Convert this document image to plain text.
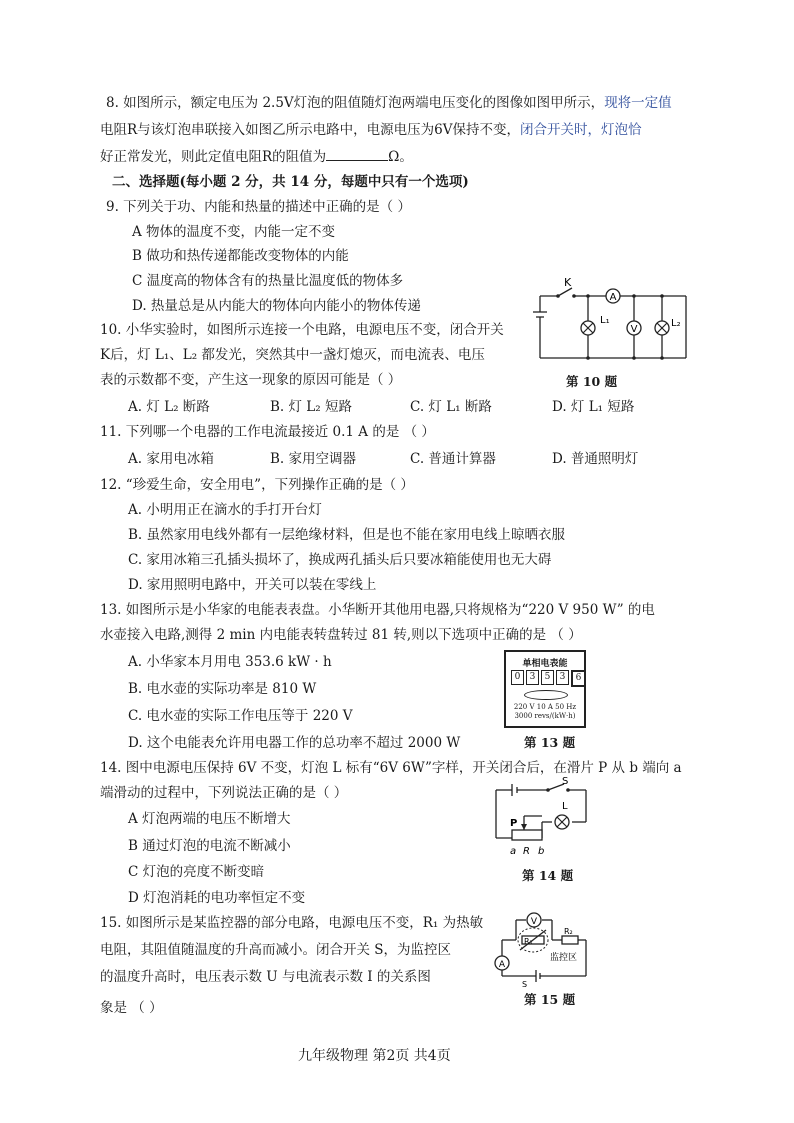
8. 如图所示，额定电压为 2.5V灯泡的阻值随灯泡两端电压变化的图像如图甲所示，现将一定值
电阻R与该灯泡串联接入如图乙所示电路中，电源电压为6V保持不变，闭合开关时，灯泡恰
好正常发光，则此定值电阻R的阻值为	Ω。
二、选择题(每小题 2 分，共 14 分，每题中只有一个选项)
9. 下列关于功、内能和热量的描述中正确的是（ ）
A 物体的温度不变，内能一定不变
B 做功和热传递都能改变物体的内能
C 温度高的物体含有的热量比温度低的物体多
D. 热量总是从内能大的物体向内能小的物体传递
10. 小华实验时，如图所示连接一个电路，电源电压不变，闭合开关
K后，灯 L₁、L₂ 都发光，突然其中一盏灯熄灭，而电流表、电压
表的示数都不变，产生这一现象的原因可能是（ ）
A. 灯 L₂ 断路	B. 灯 L₂ 短路	C. 灯 L₁ 断路	D. 灯 L₁ 短路
A
L₁
V
L₂
K
第 10 题
11. 下列哪一个电器的工作电流最接近 0.1 A 的是 （ ）
A. 家用电冰箱	B. 家用空调器	C. 普通计算器	D. 普通照明灯
12. “珍爱生命，安全用电”，下列操作正确的是（ ）
A. 小明用正在滴水的手打开台灯
B. 虽然家用电线外都有一层绝缘材料，但是也不能在家用电线上晾晒衣服
C. 家用冰箱三孔插头损坏了，换成两孔插头后只要冰箱能使用也无大碍
D. 家用照明电路中，开关可以装在零线上
13. 如图所示是小华家的电能表表盘。小华断开其他用电器,只将规格为“220 V 950 W” 的电
水壶接入电路,测得 2 min 内电能表转盘转过 81 转,则以下选项中正确的是 （ ）
A. 小华家本月用电 353.6 kW · h
B. 电水壶的实际功率是 810 W
C. 电水壶的实际工作电压等于 220 V
D. 这个电能表允许用电器工作的总功率不超过 2000 W
单相电表能
0	3	5	3	6
220 V 10 A 50 Hz
3000 revs/(kW·h)
第 13 题
14. 图中电源电压保持 6V 不变，灯泡 L 标有“6V 6W”字样，开关闭合后，在滑片 P 从 b 端向 a
端滑动的过程中，下列说法正确的是（ ）
A 灯泡两端的电压不断增大
B 通过灯泡的电流不断减小
C 灯泡的亮度不断变暗
D 灯泡消耗的电功率恒定不变
L
S
P
a R b
第 14 题
15. 如图所示是某监控器的部分电路，电源电压不变，R₁ 为热敏
电阻，其阻值随温度的升高而减小。闭合开关 S，为监控区
的温度升高时，电压表示数 U 与电流表示数 I 的关系图
象是 （ ）
V
A
R₁
R₂
监控区
S
第 15 题
九年级物理 第2页 共4页
